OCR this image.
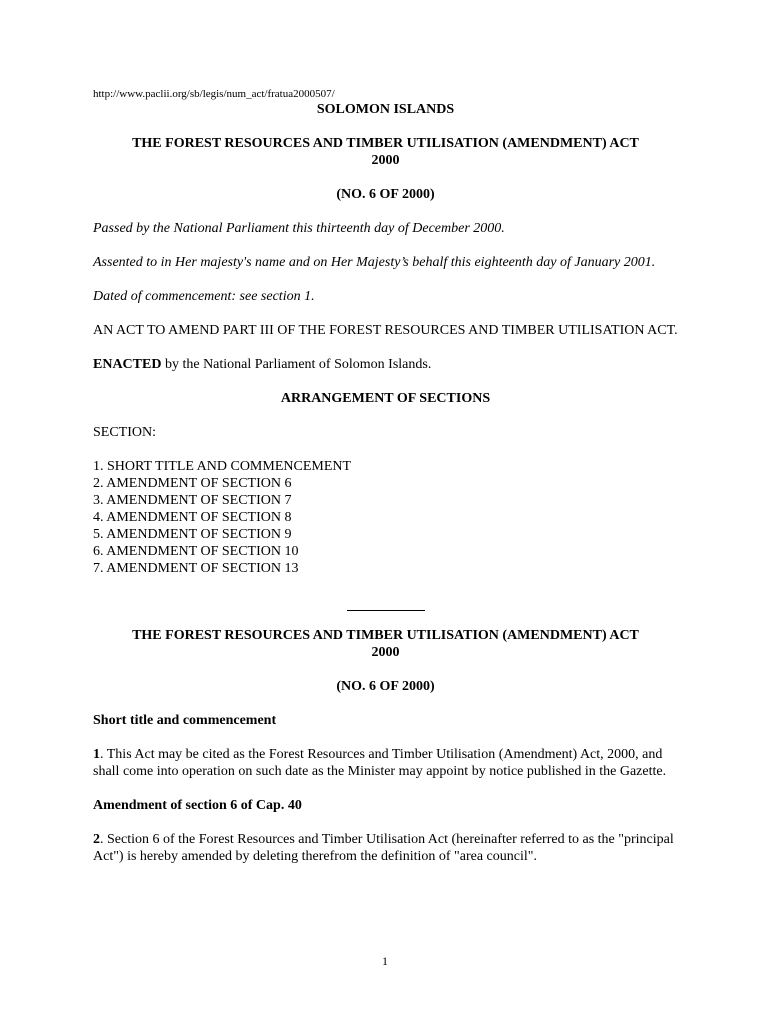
http://www.paclii.org/sb/legis/num_act/fratua2000507/

SOLOMON ISLANDS

THE FOREST RESOURCES AND TIMBER UTILISATION (AMENDMENT) ACT
2000

(NO. 6 OF 2000)

Passed by the National Parliament this thirteenth day of December 2000.

Assented to in Her majesty's name and on Her Majesty’s behalf this eighteenth day of January 2001.

Dated of commencement: see section 1.

AN ACT TO AMEND PART III OF THE FOREST RESOURCES AND TIMBER UTILISATION ACT.

ENACTED by the National Parliament of Solomon Islands.

ARRANGEMENT OF SECTIONS

SECTION:

1. SHORT TITLE AND COMMENCEMENT
2. AMENDMENT OF SECTION 6
3. AMENDMENT OF SECTION 7
4. AMENDMENT OF SECTION 8
5. AMENDMENT OF SECTION 9
6. AMENDMENT OF SECTION 10
7. AMENDMENT OF SECTION 13

THE FOREST RESOURCES AND TIMBER UTILISATION (AMENDMENT) ACT
2000

(NO. 6 OF 2000)

Short title and commencement

1. This Act may be cited as the Forest Resources and Timber Utilisation (Amendment) Act, 2000, and shall come into operation on such date as the Minister may appoint by notice published in the Gazette.

Amendment of section 6 of Cap. 40

2. Section 6 of the Forest Resources and Timber Utilisation Act (hereinafter referred to as the "principal Act") is hereby amended by deleting therefrom the definition of "area council".

1
